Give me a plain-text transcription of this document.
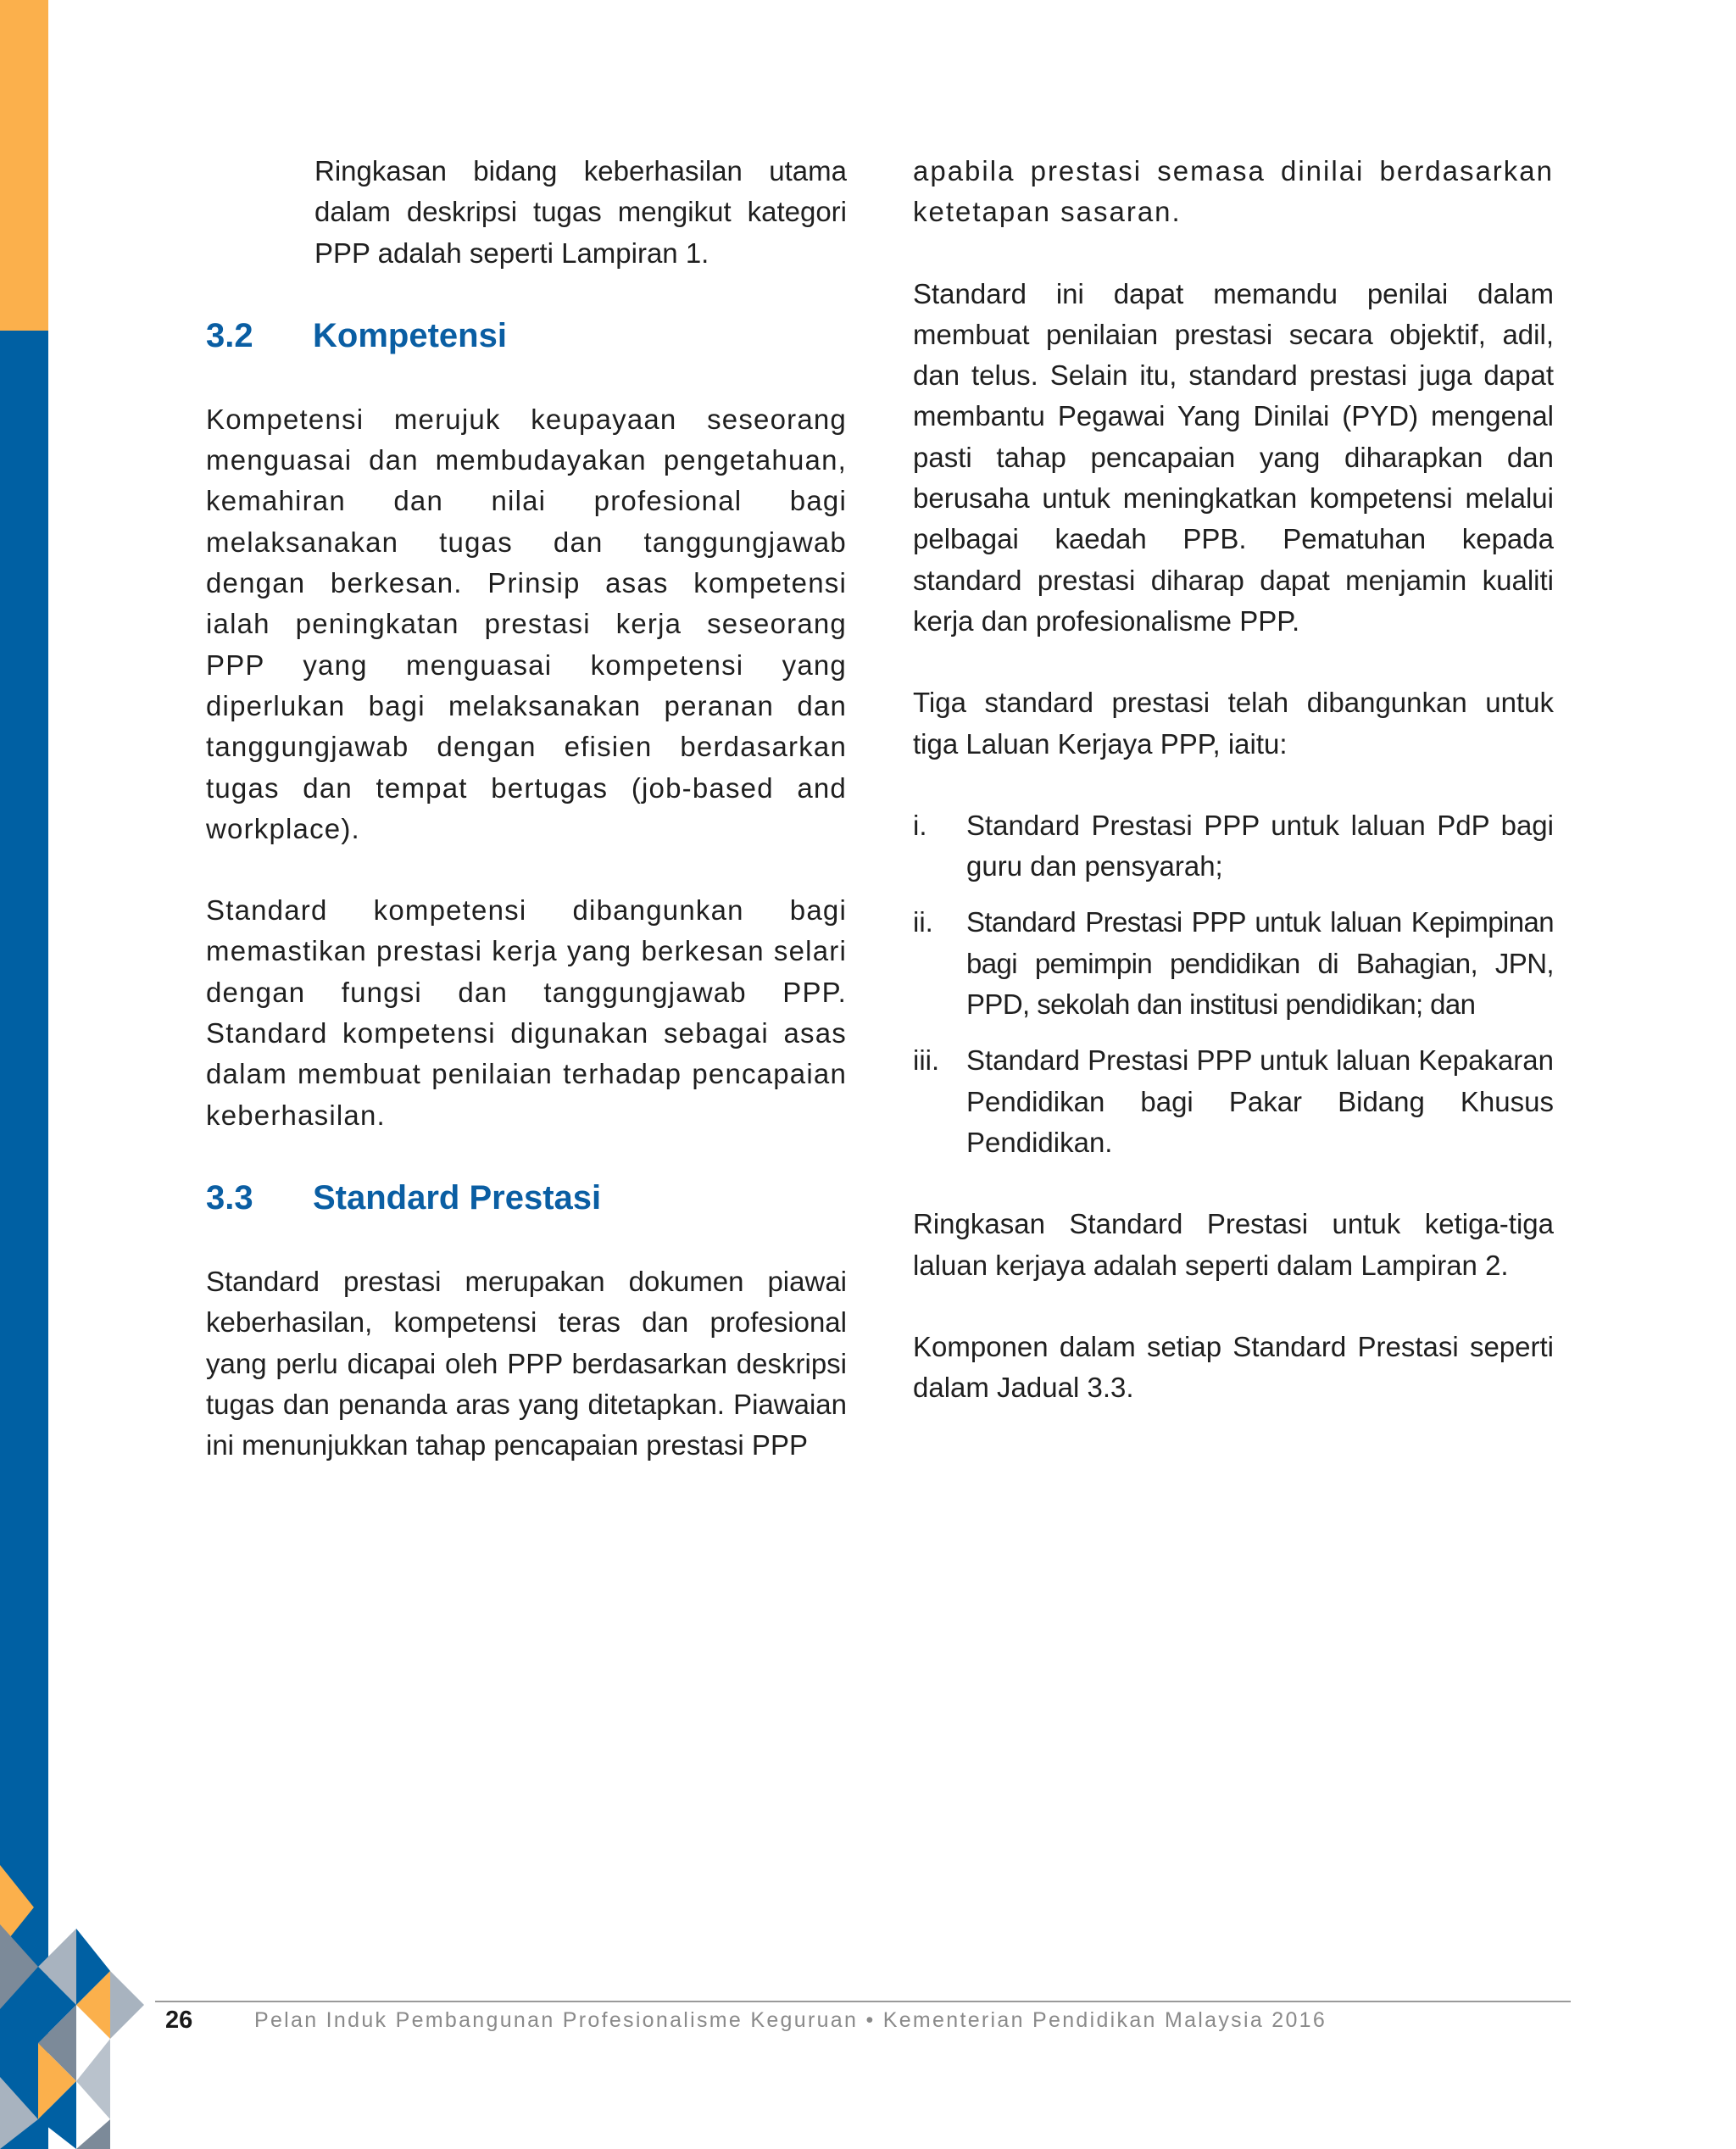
Ringkasan bidang keberhasilan utama dalam deskripsi tugas mengikut kategori PPP adalah seperti Lampiran 1.

3.2	Kompetensi

Kompetensi merujuk keupayaan seseorang menguasai dan membudayakan pengetahuan, kemahiran dan nilai profesional bagi melaksanakan tugas dan tanggungjawab dengan berkesan. Prinsip asas kompetensi ialah peningkatan prestasi kerja seseorang PPP yang menguasai kompetensi yang diperlukan bagi melaksanakan peranan dan tanggungjawab dengan efisien berdasarkan tugas dan tempat bertugas (job-based and workplace).

Standard kompetensi dibangunkan bagi memastikan prestasi kerja yang berkesan selari dengan fungsi dan tanggungjawab PPP. Standard kompetensi digunakan sebagai asas dalam membuat penilaian terhadap pencapaian keberhasilan.

3.3	Standard Prestasi

Standard prestasi merupakan dokumen piawai keberhasilan, kompetensi teras dan profesional yang perlu dicapai oleh PPP berdasarkan deskripsi tugas dan penanda aras yang ditetapkan. Piawaian ini menunjukkan tahap pencapaian prestasi PPP

apabila prestasi semasa dinilai berdasarkan ketetapan sasaran.

Standard ini dapat memandu penilai dalam membuat penilaian prestasi secara objektif, adil, dan telus. Selain itu, standard prestasi juga dapat membantu Pegawai Yang Dinilai (PYD) mengenal pasti tahap pencapaian yang diharapkan dan berusaha untuk meningkatkan kompetensi melalui pelbagai kaedah PPB. Pematuhan kepada standard prestasi diharap dapat menjamin kualiti kerja dan profesionalisme PPP.

Tiga standard prestasi telah dibangunkan untuk tiga Laluan Kerjaya PPP, iaitu:

i.	Standard Prestasi PPP untuk laluan PdP bagi guru dan pensyarah;
ii.	Standard Prestasi PPP untuk laluan Kepimpinan bagi pemimpin pendidikan di Bahagian, JPN, PPD, sekolah dan institusi pendidikan; dan
iii. Standard Prestasi PPP untuk laluan Kepakaran Pendidikan bagi Pakar Bidang Khusus Pendidikan.

Ringkasan Standard Prestasi untuk ketiga-tiga laluan kerjaya adalah seperti dalam Lampiran 2.

Komponen dalam setiap Standard Prestasi seperti dalam Jadual 3.3.

26	Pelan Induk Pembangunan Profesionalisme Keguruan • Kementerian Pendidikan Malaysia 2016
